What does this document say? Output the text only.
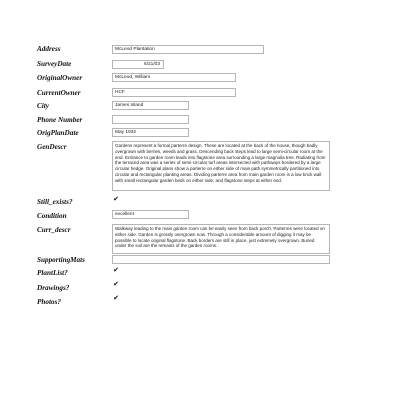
Address	McLeod Plantation
SurveyDate	6/21/03
OriginalOwner	McLeod, William
CurrentOwner	HCF
City	James Island
Phone Number
OrigPlanDate	May 1932
GenDescr	Gardens represent a formal parterre design. These are located at the back of the house, though badly overgrown with berries, weeds and grass. Descending back steps lead to large semi-circular room at the end. Entrance to garden room leads into flagstone area surrounding a large magnolia tree. Radiating from the terraced area was a series of semi-circular turf areas intersected with pathways bordered by a large circular hedge. Original plans show a parterre on either side of main path symmetrically partitioned into circular and rectangular planting areas. Dividing parterre area from main garden room is a low brick wall with small rectangular garden beds on either side, and flagstone steps at either end.
Still_exists?	✔
Condition	excellent
Curr_descr	Walkway leading to the main garden room can be easily seen from back porch. Parterres were located on either side. Garden is grossly overgrown now. Through a considerable amount of digging it may be possible to locate original flagstone. Back borders are still in place, just extremely overgrown. Buried under the soil are the remains of the garden rooms.
SupportingMats
PlantList?	✔
Drawings?	✔
Photos?	✔
